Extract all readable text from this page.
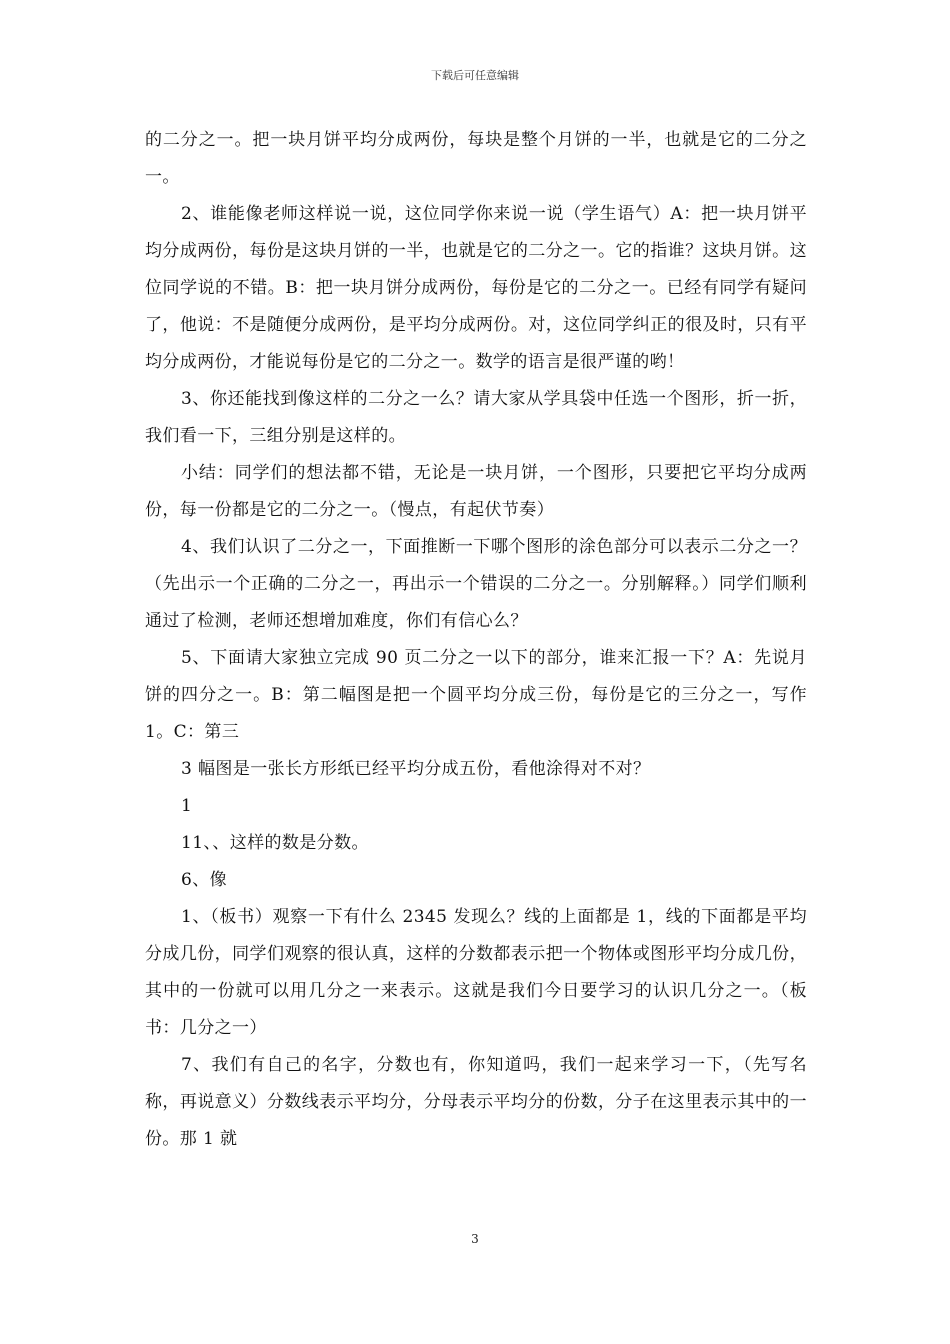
下载后可任意编辑

的二分之一。把一块月饼平均分成两份，每块是整个月饼的一半，也就是它的二分之一。

2、谁能像老师这样说一说，这位同学你来说一说（学生语气）A：把一块月饼平均分成两份，每份是这块月饼的一半，也就是它的二分之一。它的指谁？这块月饼。这位同学说的不错。B：把一块月饼分成两份，每份是它的二分之一。已经有同学有疑问了，他说：不是随便分成两份，是平均分成两份。对，这位同学纠正的很及时，只有平均分成两份，才能说每份是它的二分之一。数学的语言是很严谨的哟！

3、你还能找到像这样的二分之一么？请大家从学具袋中任选一个图形，折一折，我们看一下，三组分别是这样的。

小结：同学们的想法都不错，无论是一块月饼，一个图形，只要把它平均分成两份，每一份都是它的二分之一。（慢点，有起伏节奏）

4、我们认识了二分之一，下面推断一下哪个图形的涂色部分可以表示二分之一？（先出示一个正确的二分之一，再出示一个错误的二分之一。分别解释。）同学们顺利通过了检测，老师还想增加难度，你们有信心么？

5、下面请大家独立完成 90 页二分之一以下的部分，谁来汇报一下？A：先说月饼的四分之一。B：第二幅图是把一个圆平均分成三份，每份是它的三分之一，写作 1。C：第三

3 幅图是一张长方形纸已经平均分成五份，看他涂得对不对？

1

11、、这样的数是分数。

6、像

1、（板书）观察一下有什么 2345 发现么？线的上面都是 1，线的下面都是平均分成几份，同学们观察的很认真，这样的分数都表示把一个物体或图形平均分成几份，其中的一份就可以用几分之一来表示。这就是我们今日要学习的认识几分之一。（板书：几分之一）

7、我们有自己的名字，分数也有，你知道吗，我们一起来学习一下，（先写名称，再说意义）分数线表示平均分，分母表示平均分的份数，分子在这里表示其中的一份。那 1 就

3
